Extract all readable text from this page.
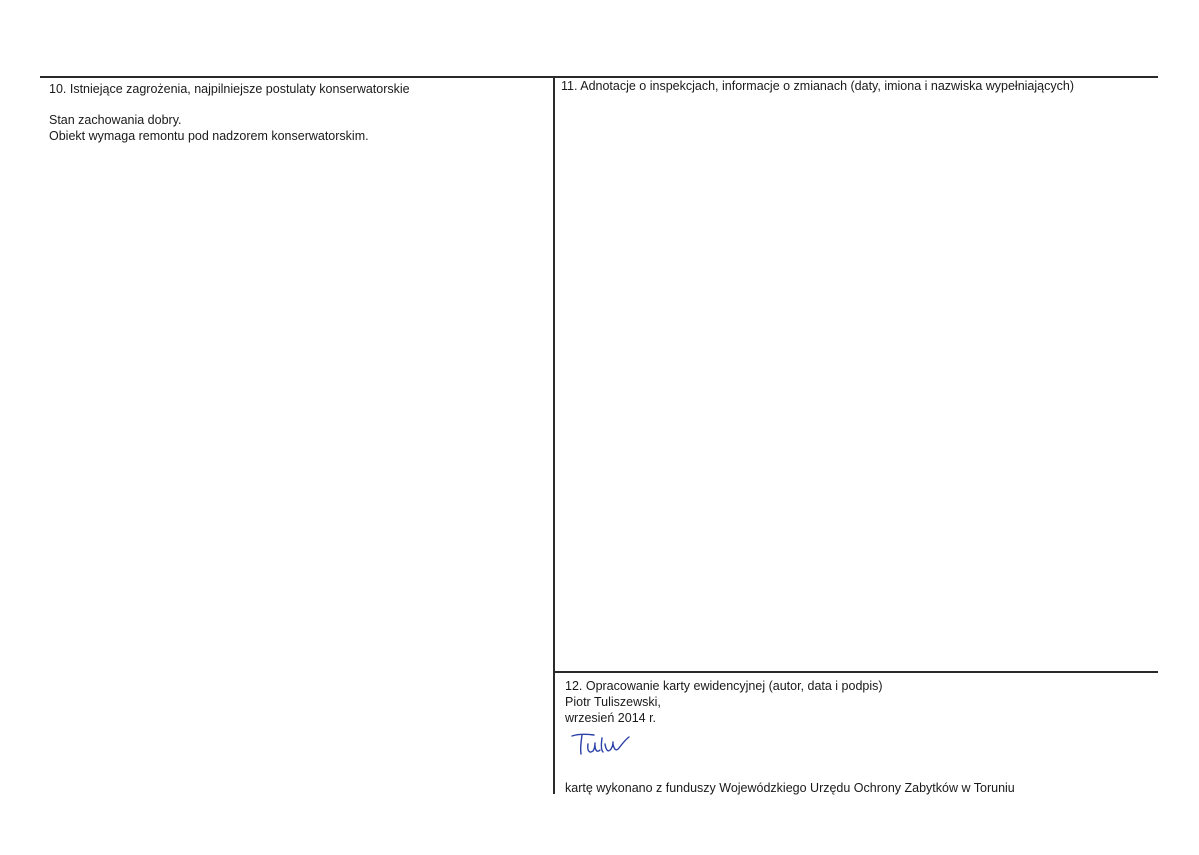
10. Istniejące zagrożenia, najpilniejsze postulaty konserwatorskie
Stan zachowania dobry.
Obiekt wymaga remontu pod nadzorem konserwatorskim.
11. Adnotacje o inspekcjach, informacje o zmianach (daty, imiona i nazwiska wypełniających)
12. Opracowanie karty ewidencyjnej (autor, data i podpis)
Piotr Tuliszewski,
wrzesień 2014 r.
kartę wykonano z funduszy Wojewódzkiego Urzędu Ochrony Zabytków w Toruniu
